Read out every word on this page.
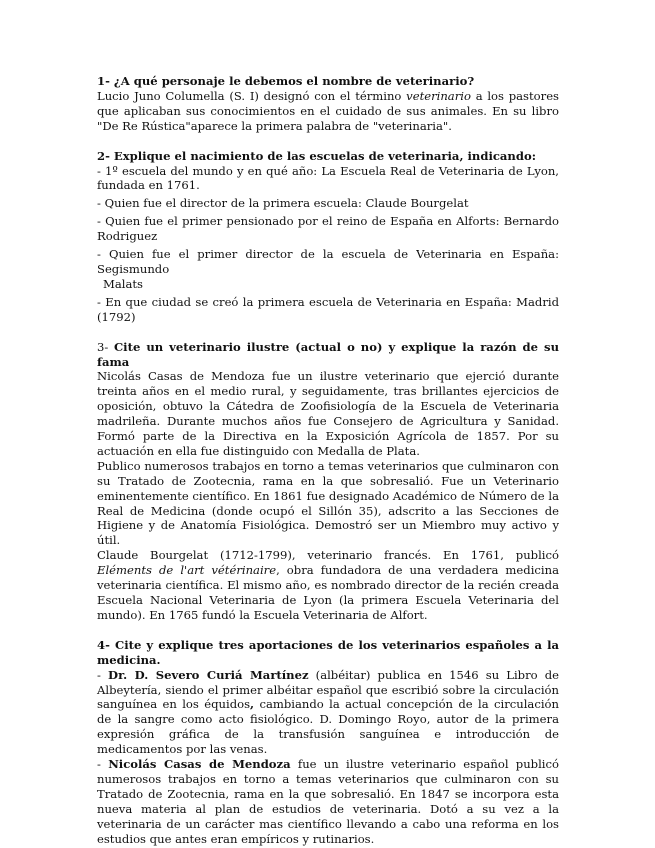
1- ¿A qué personaje le debemos el nombre de veterinario?

Lucio Juno Columella (S. I) designó con el término veterinario a los pastores que aplicaban sus conocimientos en el cuidado de sus animales. En su libro "De Re Rústica"aparece la primera palabra de "veterinaria".

2- Explique el nacimiento de las escuelas de veterinaria, indicando:

- 1º escuela del mundo y en qué año: La Escuela Real de Veterinaria de Lyon, fundada en 1761.

- Quien fue el director de la primera escuela: Claude Bourgelat

- Quien fue el primer pensionado por el reino de España en Alforts: Bernardo Rodriguez

- Quien fue el primer director de la escuela de Veterinaria en España: Segismundo

Malats

- En que ciudad se creó la primera escuela de Veterinaria en España: Madrid (1792)

3- Cite un veterinario ilustre (actual o no) y explique la razón de su fama

Nicolás Casas de Mendoza fue un ilustre veterinario que ejerció durante treinta años en el medio rural, y seguidamente, tras brillantes ejercicios de oposición, obtuvo la Cátedra de Zoofisiología de la Escuela de Veterinaria madrileña. Durante muchos años fue Consejero de Agricultura y Sanidad. Formó parte de la Directiva en la Exposición Agrícola de 1857. Por su actuación en ella fue distinguido con Medalla de Plata.

Publico numerosos trabajos en torno a temas veterinarios que culminaron con su Tratado de Zootecnia, rama en la que sobresalió. Fue un Veterinario eminentemente científico. En 1861 fue designado Académico de Número de la Real de Medicina (donde ocupó el Sillón 35), adscrito a las Secciones de Higiene y de Anatomía Fisiológica. Demostró ser un Miembro muy activo y útil.

Claude Bourgelat (1712-1799), veterinario francés. En 1761, publicó Eléments de l'art vétérinaire, obra fundadora de una verdadera medicina veterinaria científica. El mismo año, es nombrado director de la recién creada Escuela Nacional Veterinaria de Lyon (la primera Escuela Veterinaria del mundo). En 1765 fundó la Escuela Veterinaria de Alfort.

4- Cite y explique tres aportaciones de los veterinarios españoles a la medicina.

- Dr. D. Severo Curiá Martínez (albéitar) publica en 1546 su Libro de Albeytería, siendo el primer albéitar español que escribió sobre la circulación sanguínea en los équidos, cambiando la actual concepción de la circulación de la sangre como acto fisiológico. D. Domingo Royo, autor de la primera expresión gráfica de la transfusión sanguínea e introducción de medicamentos por las venas.

- Nicolás Casas de Mendoza fue un ilustre veterinario español publicó numerosos trabajos en torno a temas veterinarios que culminaron con su Tratado de Zootecnia, rama en la que sobresalió. En 1847 se incorpora esta nueva materia al plan de estudios de veterinaria. Dotó a su vez a la veterinaria de un carácter mas científico llevando a cabo una reforma en los estudios que antes eran empíricos y rutinarios.
